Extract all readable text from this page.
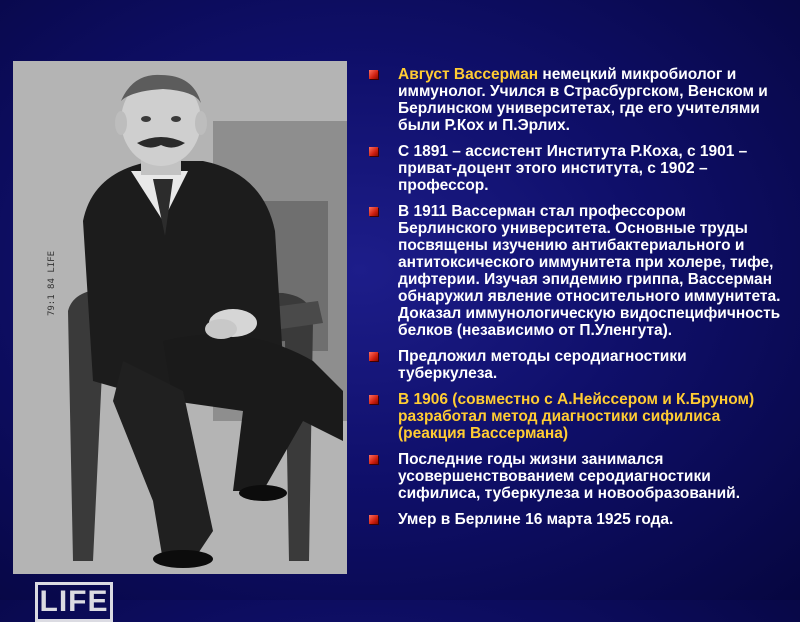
79:1 84 LIFE
LIFE
Август Вассерман немецкий микробиолог и иммунолог. Учился в Страсбургском, Венском и Берлинском университетах, где его учителями были Р.Кох и П.Эрлих.
С 1891 – ассистент Института Р.Коха, с 1901 – приват-доцент этого института, с 1902 – профессор.
В 1911 Вассерман стал профессором Берлинского университета. Основные труды посвящены изучению антибактериального и антитоксического иммунитета при холере, тифе, дифтерии. Изучая эпидемию гриппа, Вассерман обнаружил явление относительного иммунитета. Доказал иммунологическую видоспецифичность белков (независимо от П.Уленгута).
Предложил методы серодиагностики туберкулеза.
В 1906 (совместно с А.Нейссером и К.Бруном) разработал метод диагностики сифилиса (реакция Вассермана)
Последние годы жизни занимался усовершенствованием серодиагностики сифилиса, туберкулеза и новообразований.
Умер в Берлине 16 марта 1925 года.
